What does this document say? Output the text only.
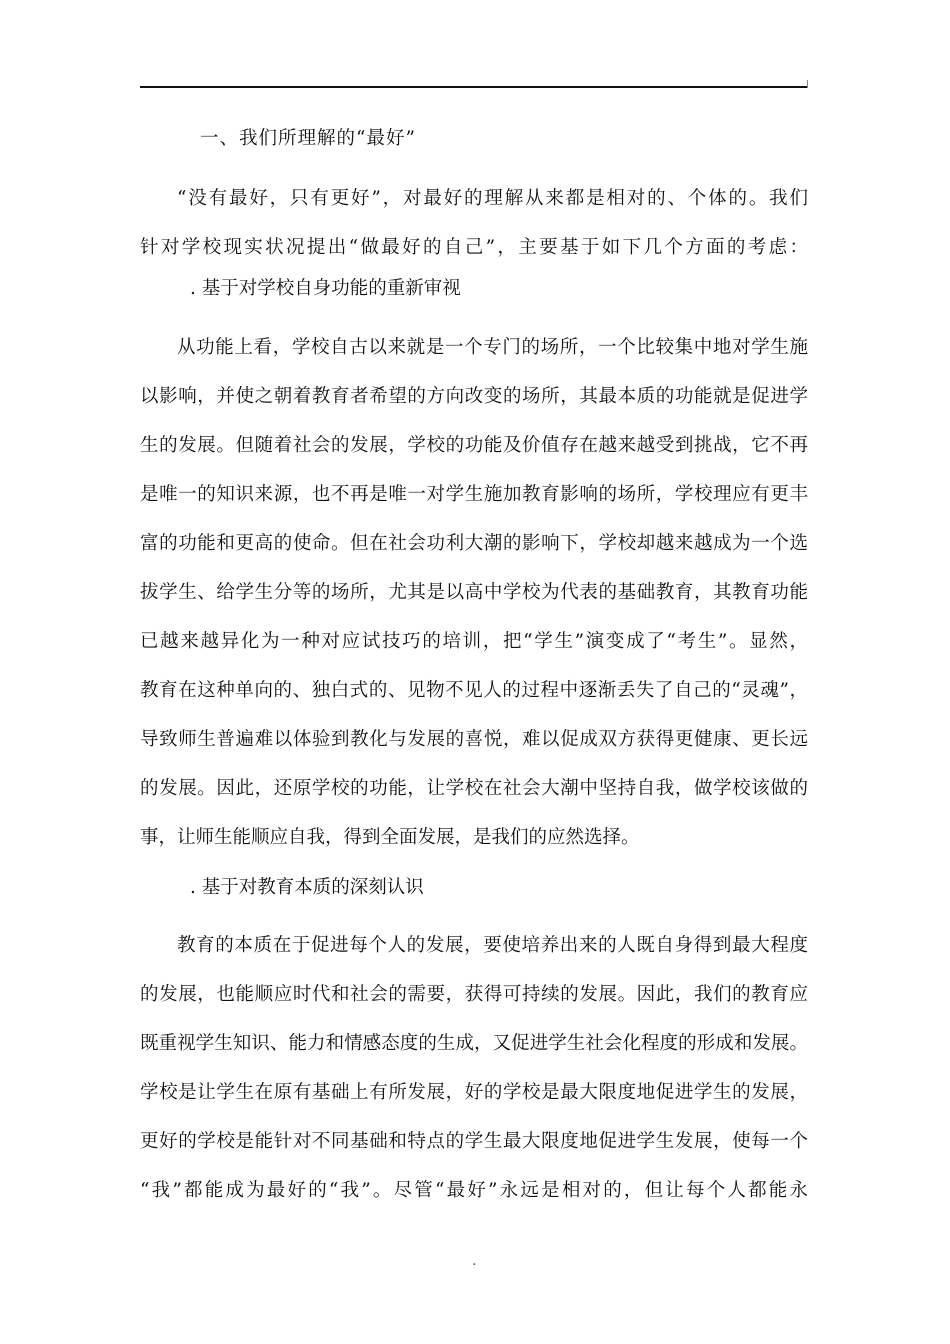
一、我们所理解的“最好”
“没有最好，只有更好”，对最好的理解从来都是相对的、个体的。我们
针对学校现实状况提出“做最好的自己”，主要基于如下几个方面的考虑：
. 基于对学校自身功能的重新审视
从功能上看，学校自古以来就是一个专门的场所，一个比较集中地对学生施
以影响，并使之朝着教育者希望的方向改变的场所，其最本质的功能就是促进学
生的发展。但随着社会的发展，学校的功能及价值存在越来越受到挑战，它不再
是唯一的知识来源，也不再是唯一对学生施加教育影响的场所，学校理应有更丰
富的功能和更高的使命。但在社会功利大潮的影响下，学校却越来越成为一个选
拔学生、给学生分等的场所，尤其是以高中学校为代表的基础教育，其教育功能
已越来越异化为一种对应试技巧的培训，把“学生”演变成了“考生”。显然，
教育在这种单向的、独白式的、见物不见人的过程中逐渐丢失了自己的“灵魂”，
导致师生普遍难以体验到教化与发展的喜悦，难以促成双方获得更健康、更长远
的发展。因此，还原学校的功能，让学校在社会大潮中坚持自我，做学校该做的
事，让师生能顺应自我，得到全面发展，是我们的应然选择。
. 基于对教育本质的深刻认识
教育的本质在于促进每个人的发展，要使培养出来的人既自身得到最大程度
的发展，也能顺应时代和社会的需要，获得可持续的发展。因此，我们的教育应
既重视学生知识、能力和情感态度的生成，又促进学生社会化程度的形成和发展。
学校是让学生在原有基础上有所发展，好的学校是最大限度地促进学生的发展，
更好的学校是能针对不同基础和特点的学生最大限度地促进学生发展，使每一个
“我”都能成为最好的“我”。尽管“最好”永远是相对的，但让每个人都能永
.
